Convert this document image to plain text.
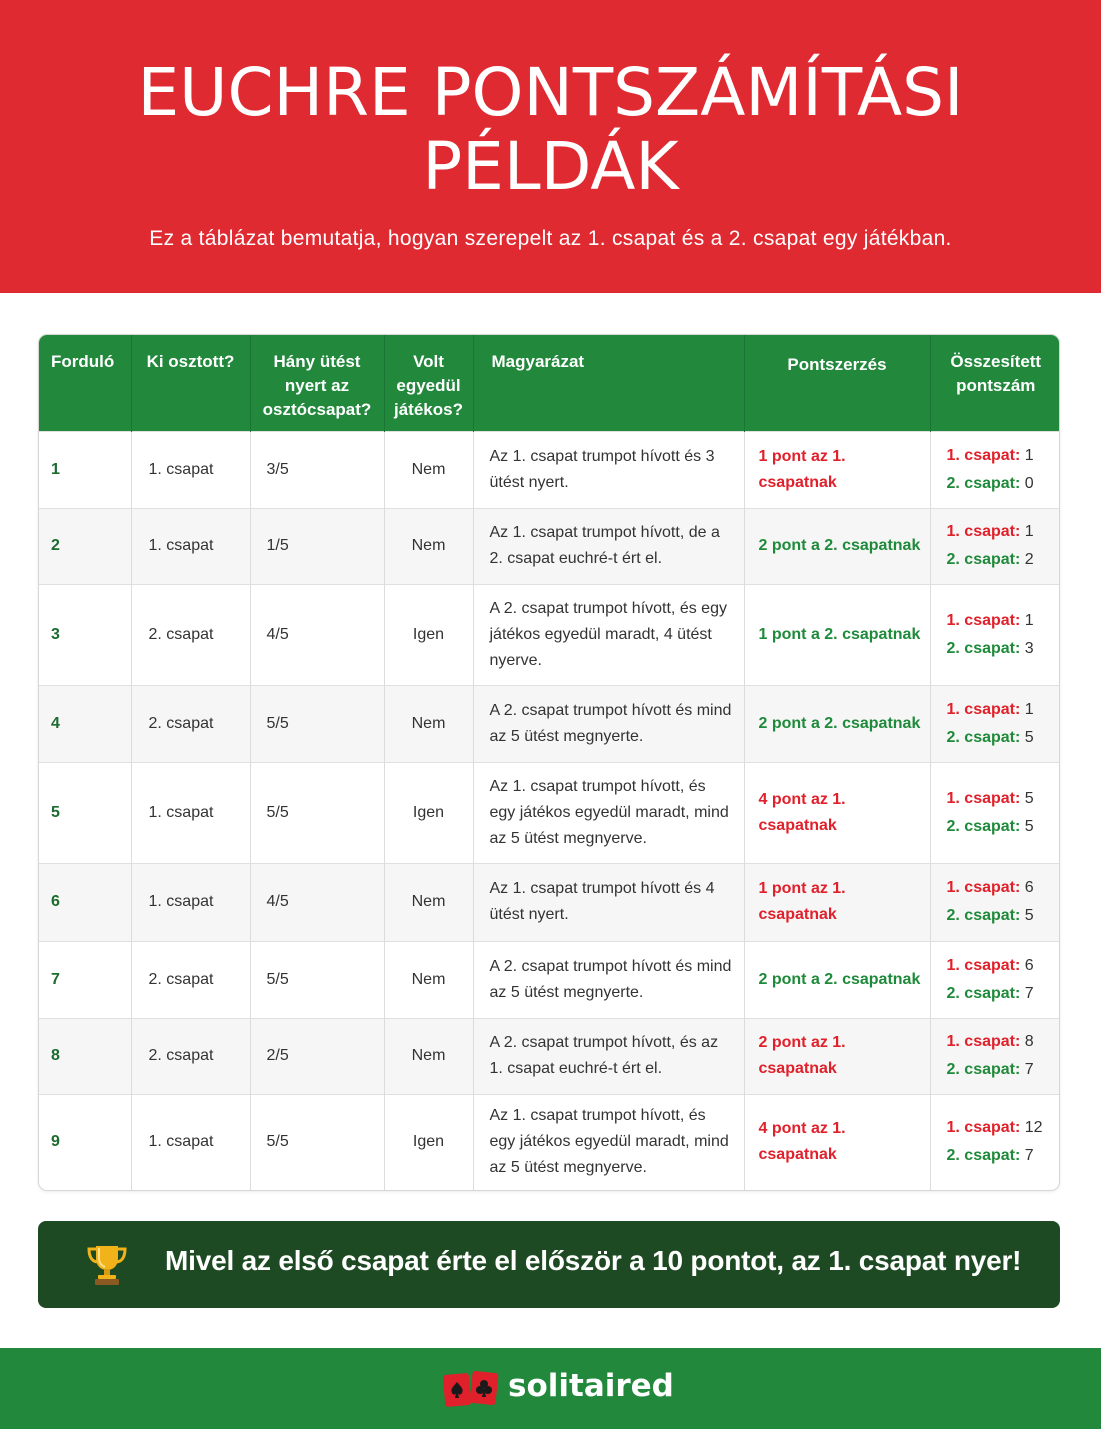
EUCHRE PONTSZÁMÍTÁSI PÉLDÁK

Ez a táblázat bemutatja, hogyan szerepelt az 1. csapat és a 2. csapat egy játékban.

Forduló	Ki osztott?	Hány ütést nyert az osztócsapat?	Volt egyedül játékos?	Magyarázat	Pontszerzés	Összesített pontszám
1	1. csapat	3/5	Nem	Az 1. csapat trumpot hívott és 3 ütést nyert.	1 pont az 1. csapatnak	1. csapat: 1
2. csapat: 0

2	1. csapat	1/5	Nem	Az 1. csapat trumpot hívott, de a 2. csapat euchré-t ért el.	2 pont a 2. csapatnak	1. csapat: 1
2. csapat: 2

3	2. csapat	4/5	Igen	A 2. csapat trumpot hívott, és egy játékos egyedül maradt, 4 ütést nyerve.	1 pont a 2. csapatnak	1. csapat: 1
2. csapat: 3

4	2. csapat	5/5	Nem	A 2. csapat trumpot hívott és mind az 5 ütést megnyerte.	2 pont a 2. csapatnak	1. csapat: 1
2. csapat: 5

5	1. csapat	5/5	Igen	Az 1. csapat trumpot hívott, és egy játékos egyedül maradt, mind az 5 ütést megnyerve.	4 pont az 1. csapatnak	1. csapat: 5
2. csapat: 5

6	1. csapat	4/5	Nem	Az 1. csapat trumpot hívott és 4 ütést nyert.	1 pont az 1. csapatnak	1. csapat: 6
2. csapat: 5

7	2. csapat	5/5	Nem	A 2. csapat trumpot hívott és mind az 5 ütést megnyerte.	2 pont a 2. csapatnak	1. csapat: 6
2. csapat: 7

8	2. csapat	2/5	Nem	A 2. csapat trumpot hívott, és az 1. csapat euchré-t ért el.	2 pont az 1. csapatnak	1. csapat: 8
2. csapat: 7

9	1. csapat	5/5	Igen	Az 1. csapat trumpot hívott, és egy játékos egyedül maradt, mind az 5 ütést megnyerve.	4 pont az 1. csapatnak	1. csapat: 12
2. csapat: 7
Mivel az első csapat érte el először a 10 pontot, az 1. csapat nyer!
solitaired
